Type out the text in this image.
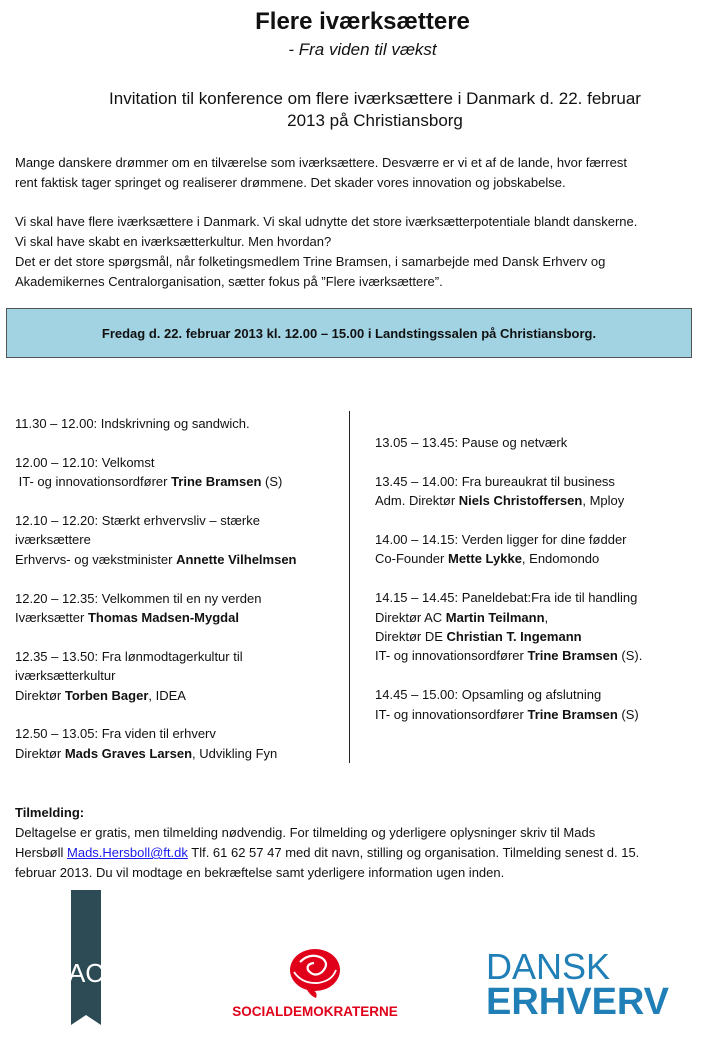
Flere iværksættere
- Fra viden til vækst
Invitation til konference om flere iværksættere i Danmark d. 22. februar
2013 på Christiansborg
Mange danskere drømmer om en tilværelse som iværksættere. Desværre er vi et af de lande, hvor færrest
rent faktisk tager springet og realiserer drømmene. Det skader vores innovation og jobskabelse.
Vi skal have flere iværksættere i Danmark. Vi skal udnytte det store iværksætterpotentiale blandt danskerne.
Vi skal have skabt en iværksætterkultur. Men hvordan?
Det er det store spørgsmål, når folketingsmedlem Trine Bramsen, i samarbejde med Dansk Erhverv og
Akademikernes Centralorganisation, sætter fokus på ”Flere iværksættere”.
Fredag d. 22. februar 2013 kl. 12.00 – 15.00 i Landstingssalen på Christiansborg.
11.30 – 12.00: Indskrivning og sandwich.
12.00 – 12.10: Velkomst
IT- og innovationsordfører Trine Bramsen (S)
12.10 – 12.20: Stærkt erhvervsliv – stærke
iværksættere
Erhvervs- og vækstminister Annette Vilhelmsen
12.20 – 12.35: Velkommen til en ny verden
Iværksætter Thomas Madsen-Mygdal
12.35 – 13.50: Fra lønmodtagerkultur til
iværksætterkultur
Direktør Torben Bager, IDEA
12.50 – 13.05: Fra viden til erhverv
Direktør Mads Graves Larsen, Udvikling Fyn
13.05 – 13.45: Pause og netværk
13.45 – 14.00: Fra bureaukrat til business
Adm. Direktør Niels Christoffersen, Mploy
14.00 – 14.15: Verden ligger for dine fødder
Co-Founder Mette Lykke, Endomondo
14.15 – 14.45: Paneldebat:Fra ide til handling
Direktør AC Martin Teilmann,
Direktør DE Christian T. Ingemann
IT- og innovationsordfører Trine Bramsen (S).
14.45 – 15.00: Opsamling og afslutning
IT- og innovationsordfører Trine Bramsen (S)
Tilmelding:
Deltagelse er gratis, men tilmelding nødvendig. For tilmelding og yderligere oplysninger skriv til Mads
Hersbøll Mads.Hersboll@ft.dk Tlf. 61 62 57 47 med dit navn, stilling og organisation. Tilmelding senest d. 15.
februar 2013. Du vil modtage en bekræftelse samt yderligere information ugen inden.
AC
SOCIALDEMOKRATERNE
DANSK
ERHVERV
